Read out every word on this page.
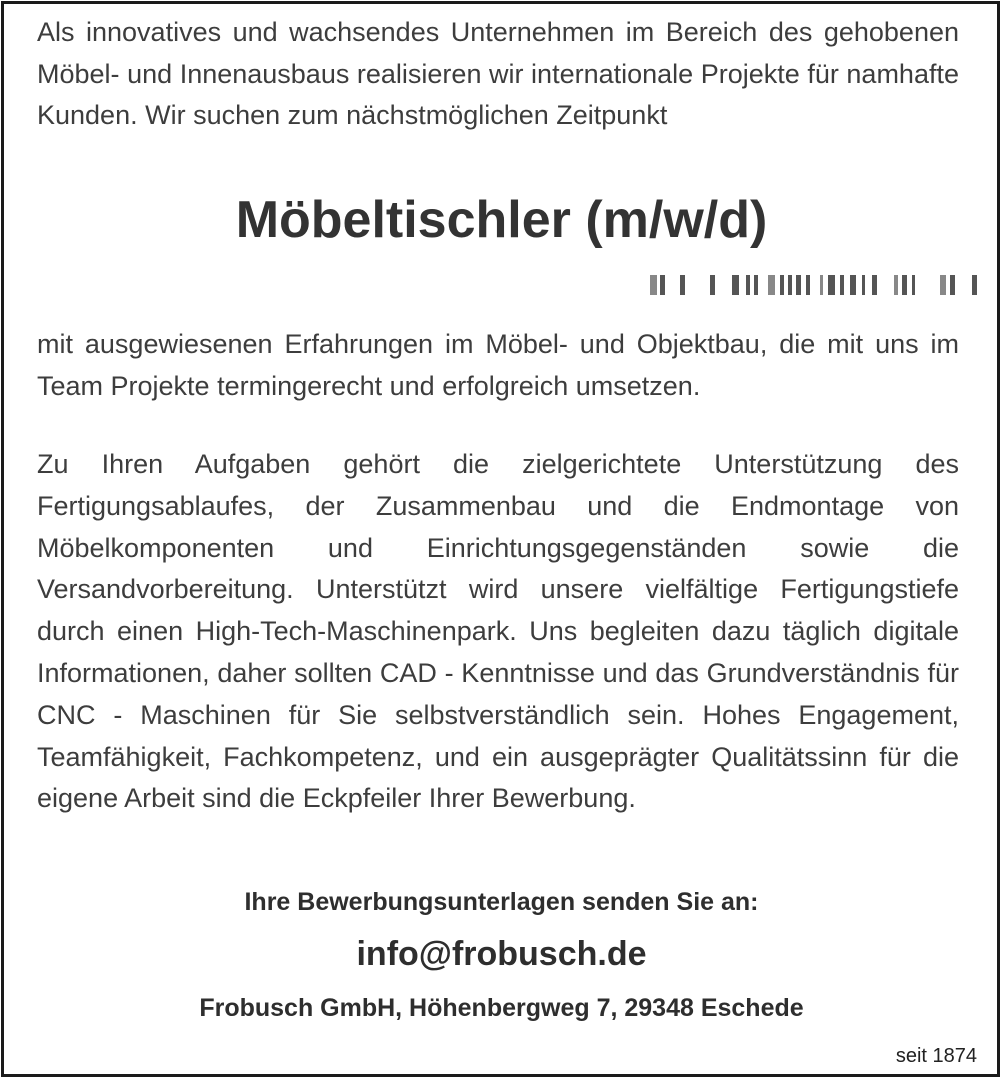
Als innovatives und wachsendes Unternehmen im Bereich des gehobenen Möbel- und Innenausbaus realisieren wir internationale Projekte für namhafte Kunden. Wir suchen zum nächstmöglichen Zeitpunkt
Möbeltischler (m/w/d)
mit ausgewiesenen Erfahrungen im Möbel- und Objektbau, die mit uns im Team Projekte termingerecht und erfolgreich umsetzen.
Zu Ihren Aufgaben gehört die zielgerichtete Unterstützung des Fertigungsablaufes, der Zusammenbau und die Endmontage von Möbelkomponenten und Einrichtungsgegenständen sowie die Versandvorbereitung. Unterstützt wird unsere vielfältige Fertigungstiefe durch einen High-Tech-Maschinenpark. Uns begleiten dazu täglich digitale Informationen, daher sollten CAD - Kenntnisse und das Grundverständnis für CNC - Maschinen für Sie selbstverständlich sein. Hohes Engagement, Teamfähigkeit, Fachkompetenz, und ein ausgeprägter Qualitätssinn für die eigene Arbeit sind die Eckpfeiler Ihrer Bewerbung.
Ihre Bewerbungsunterlagen senden Sie an:
info@frobusch.de
Frobusch GmbH, Höhenbergweg 7, 29348 Eschede
seit 1874
